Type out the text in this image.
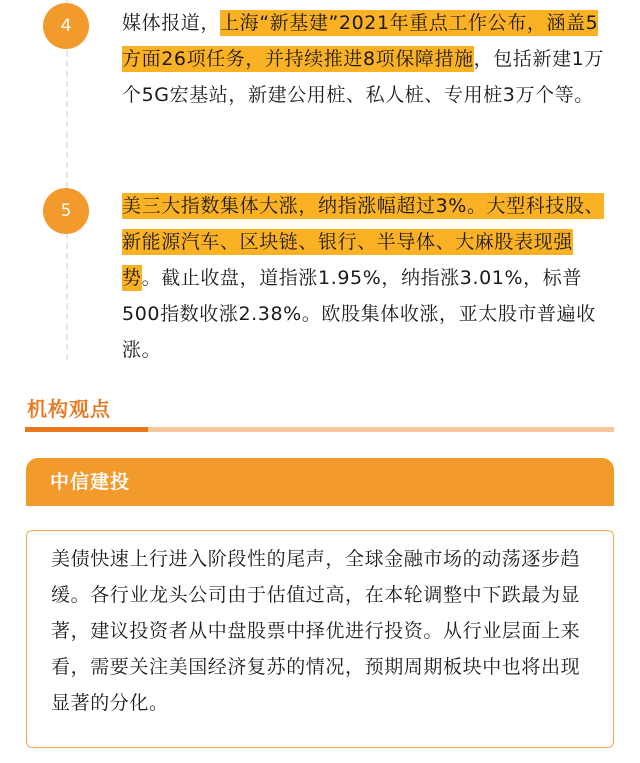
4	媒体报道，上海“新基建”2021年重点工作公布，涵盖5方面26项任务，并持续推进8项保障措施，包括新建1万个5G宏基站，新建公用桩、私人桩、专用桩3万个等。
5	美三大指数集体大涨，纳指涨幅超过3%。大型科技股、新能源汽车、区块链、银行、半导体、大麻股表现强势。截止收盘，道指涨1.95%，纳指涨3.01%，标普500指数收涨2.38%。欧股集体收涨，亚太股市普遍收涨。
机构观点
中信建投

美债快速上行进入阶段性的尾声，全球金融市场的动荡逐步趋缓。各行业龙头公司由于估值过高，在本轮调整中下跌最为显著，建议投资者从中盘股票中择优进行投资。从行业层面上来看，需要关注美国经济复苏的情况，预期周期板块中也将出现显著的分化。
